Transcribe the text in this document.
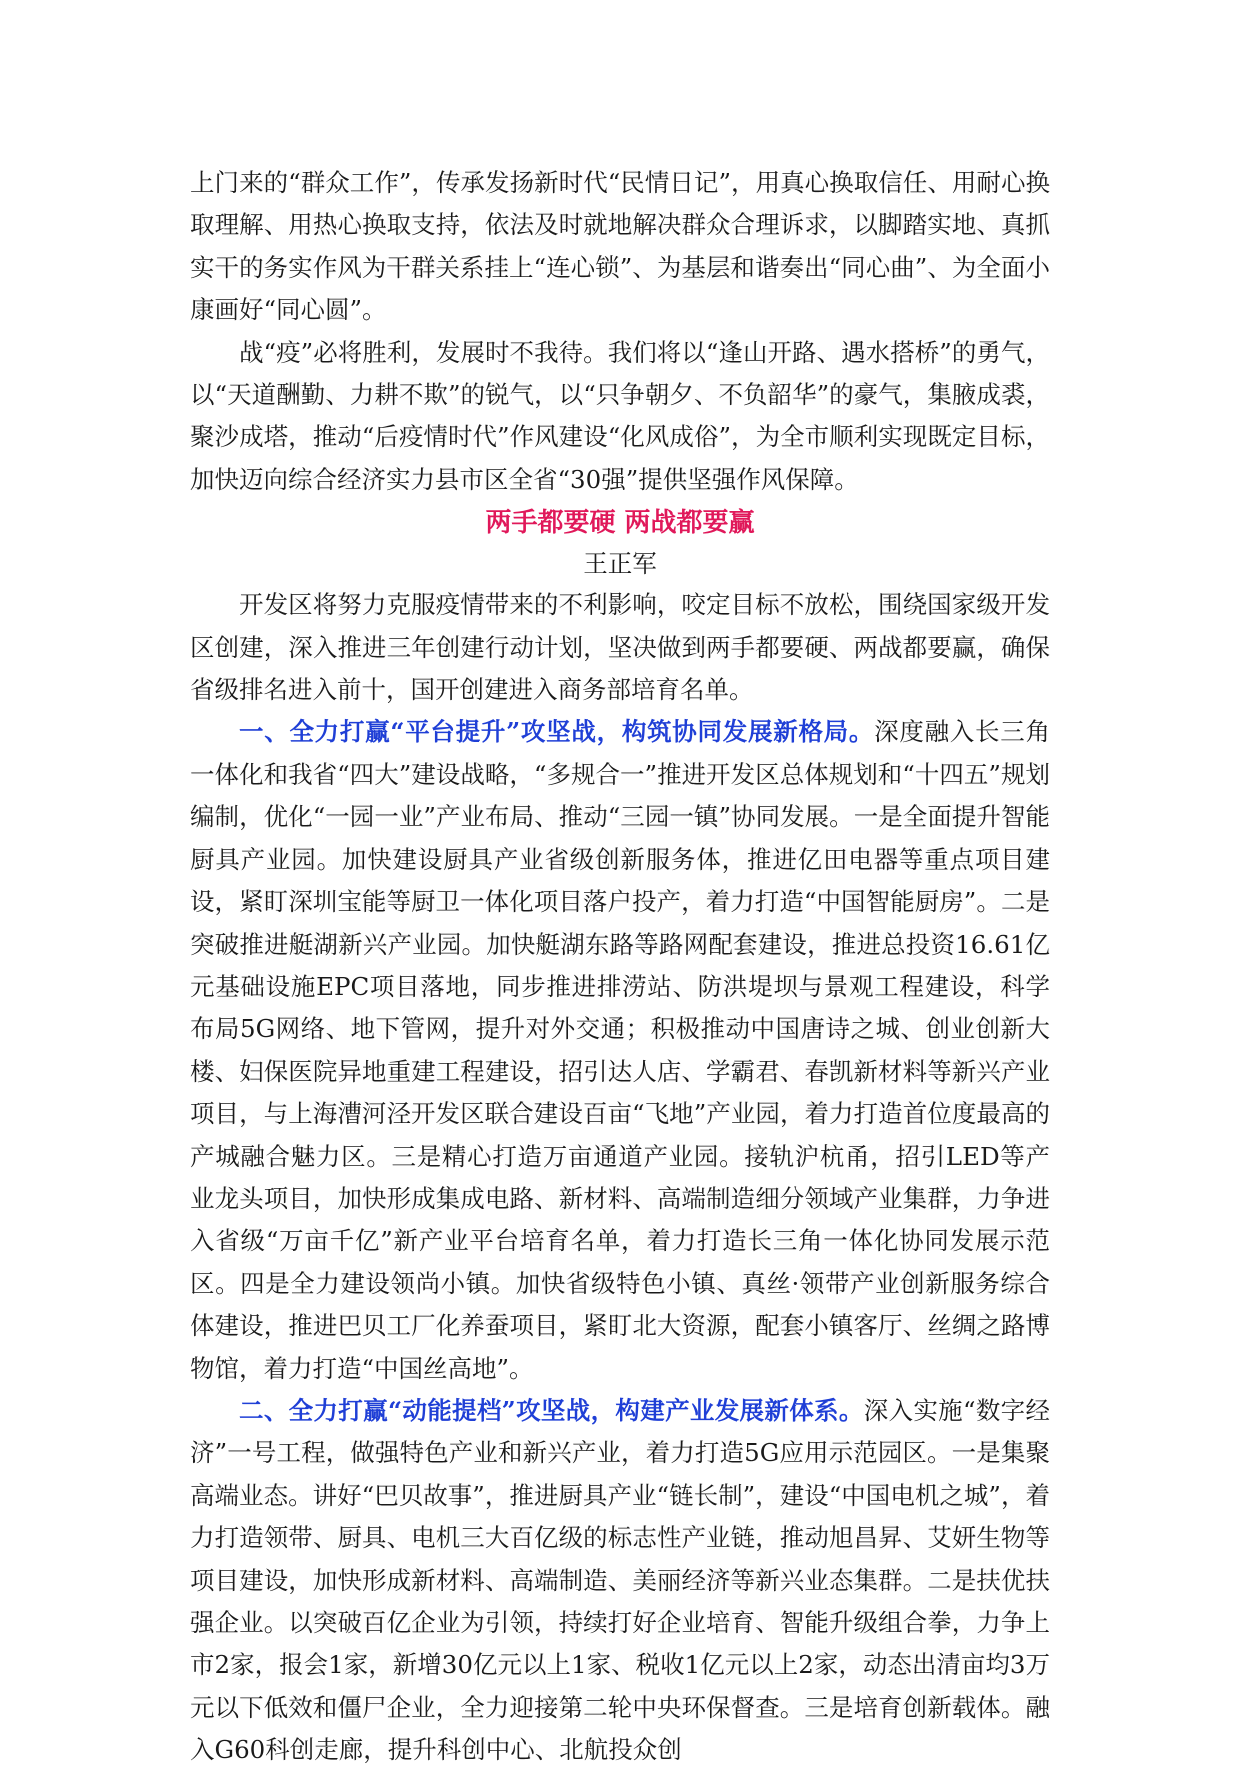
上门来的“群众工作”，传承发扬新时代“民情日记”，用真心换取信任、用耐心换取理解、用热心换取支持，依法及时就地解决群众合理诉求，以脚踏实地、真抓实干的务实作风为干群关系挂上“连心锁”、为基层和谐奏出“同心曲”、为全面小康画好“同心圆”。

战“疫”必将胜利，发展时不我待。我们将以“逢山开路、遇水搭桥”的勇气，以“天道酬勤、力耕不欺”的锐气，以“只争朝夕、不负韶华”的豪气，集腋成裘，聚沙成塔，推动“后疫情时代”作风建设“化风成俗”，为全市顺利实现既定目标，加快迈向综合经济实力县市区全省“30强”提供坚强作风保障。

两手都要硬 两战都要赢

王正军

开发区将努力克服疫情带来的不利影响，咬定目标不放松，围绕国家级开发区创建，深入推进三年创建行动计划，坚决做到两手都要硬、两战都要赢，确保省级排名进入前十，国开创建进入商务部培育名单。

一、全力打赢“平台提升”攻坚战，构筑协同发展新格局。深度融入长三角一体化和我省“四大”建设战略，“多规合一”推进开发区总体规划和“十四五”规划编制，优化“一园一业”产业布局、推动“三园一镇”协同发展。一是全面提升智能厨具产业园。加快建设厨具产业省级创新服务体，推进亿田电器等重点项目建设，紧盯深圳宝能等厨卫一体化项目落户投产，着力打造“中国智能厨房”。二是突破推进艇湖新兴产业园。加快艇湖东路等路网配套建设，推进总投资16.61亿元基础设施EPC项目落地，同步推进排涝站、防洪堤坝与景观工程建设，科学布局5G网络、地下管网，提升对外交通；积极推动中国唐诗之城、创业创新大楼、妇保医院异地重建工程建设，招引达人店、学霸君、春凯新材料等新兴产业项目，与上海漕河泾开发区联合建设百亩“飞地”产业园，着力打造首位度最高的产城融合魅力区。三是精心打造万亩通道产业园。接轨沪杭甬，招引LED等产业龙头项目，加快形成集成电路、新材料、高端制造细分领域产业集群，力争进入省级“万亩千亿”新产业平台培育名单，着力打造长三角一体化协同发展示范区。四是全力建设领尚小镇。加快省级特色小镇、真丝·领带产业创新服务综合体建设，推进巴贝工厂化养蚕项目，紧盯北大资源，配套小镇客厅、丝绸之路博物馆，着力打造“中国丝高地”。

二、全力打赢“动能提档”攻坚战，构建产业发展新体系。深入实施“数字经济”一号工程，做强特色产业和新兴产业，着力打造5G应用示范园区。一是集聚高端业态。讲好“巴贝故事”，推进厨具产业“链长制”，建设“中国电机之城”，着力打造领带、厨具、电机三大百亿级的标志性产业链，推动旭昌昇、艾妍生物等项目建设，加快形成新材料、高端制造、美丽经济等新兴业态集群。二是扶优扶强企业。以突破百亿企业为引领，持续打好企业培育、智能升级组合拳，力争上市2家，报会1家，新增30亿元以上1家、税收1亿元以上2家，动态出清亩均3万元以下低效和僵尸企业，全力迎接第二轮中央环保督查。三是培育创新载体。融入G60科创走廊，提升科创中心、北航投众创
